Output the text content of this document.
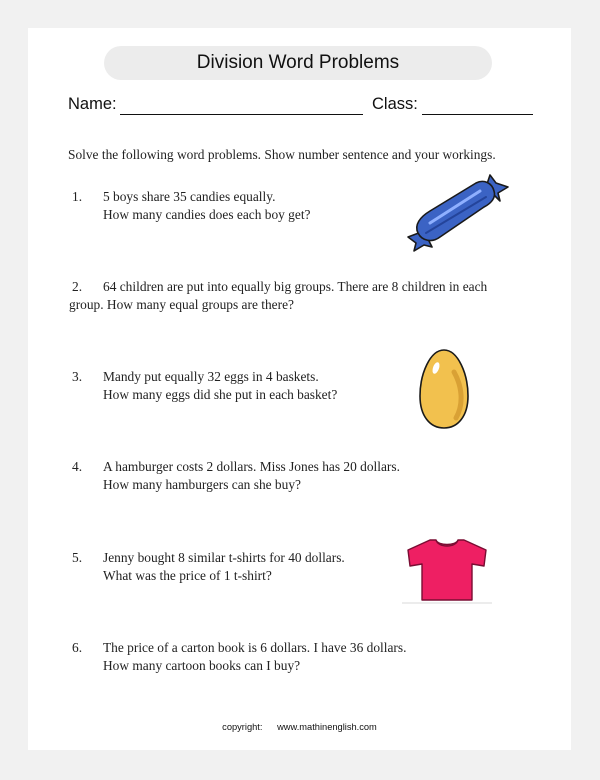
Division Word Problems
Name:	Class:
Solve the following word problems. Show number sentence and your workings.
1. 5 boys share 35 candies equally.
How many candies does each boy get?
2. 64 children are put into equally big groups. There are 8 children in each
group. How many equal groups are there?
3. Mandy put equally 32 eggs in 4 baskets.
How many eggs did she put in each basket?
4. A hamburger costs 2 dollars. Miss Jones has 20 dollars.
How many hamburgers can she buy?
5. Jenny bought 8 similar t-shirts for 40 dollars.
What was the price of 1 t-shirt?
6. The price of a carton book is 6 dollars. I have 36 dollars.
How many cartoon books can I buy?
copyright: www.mathinenglish.com
